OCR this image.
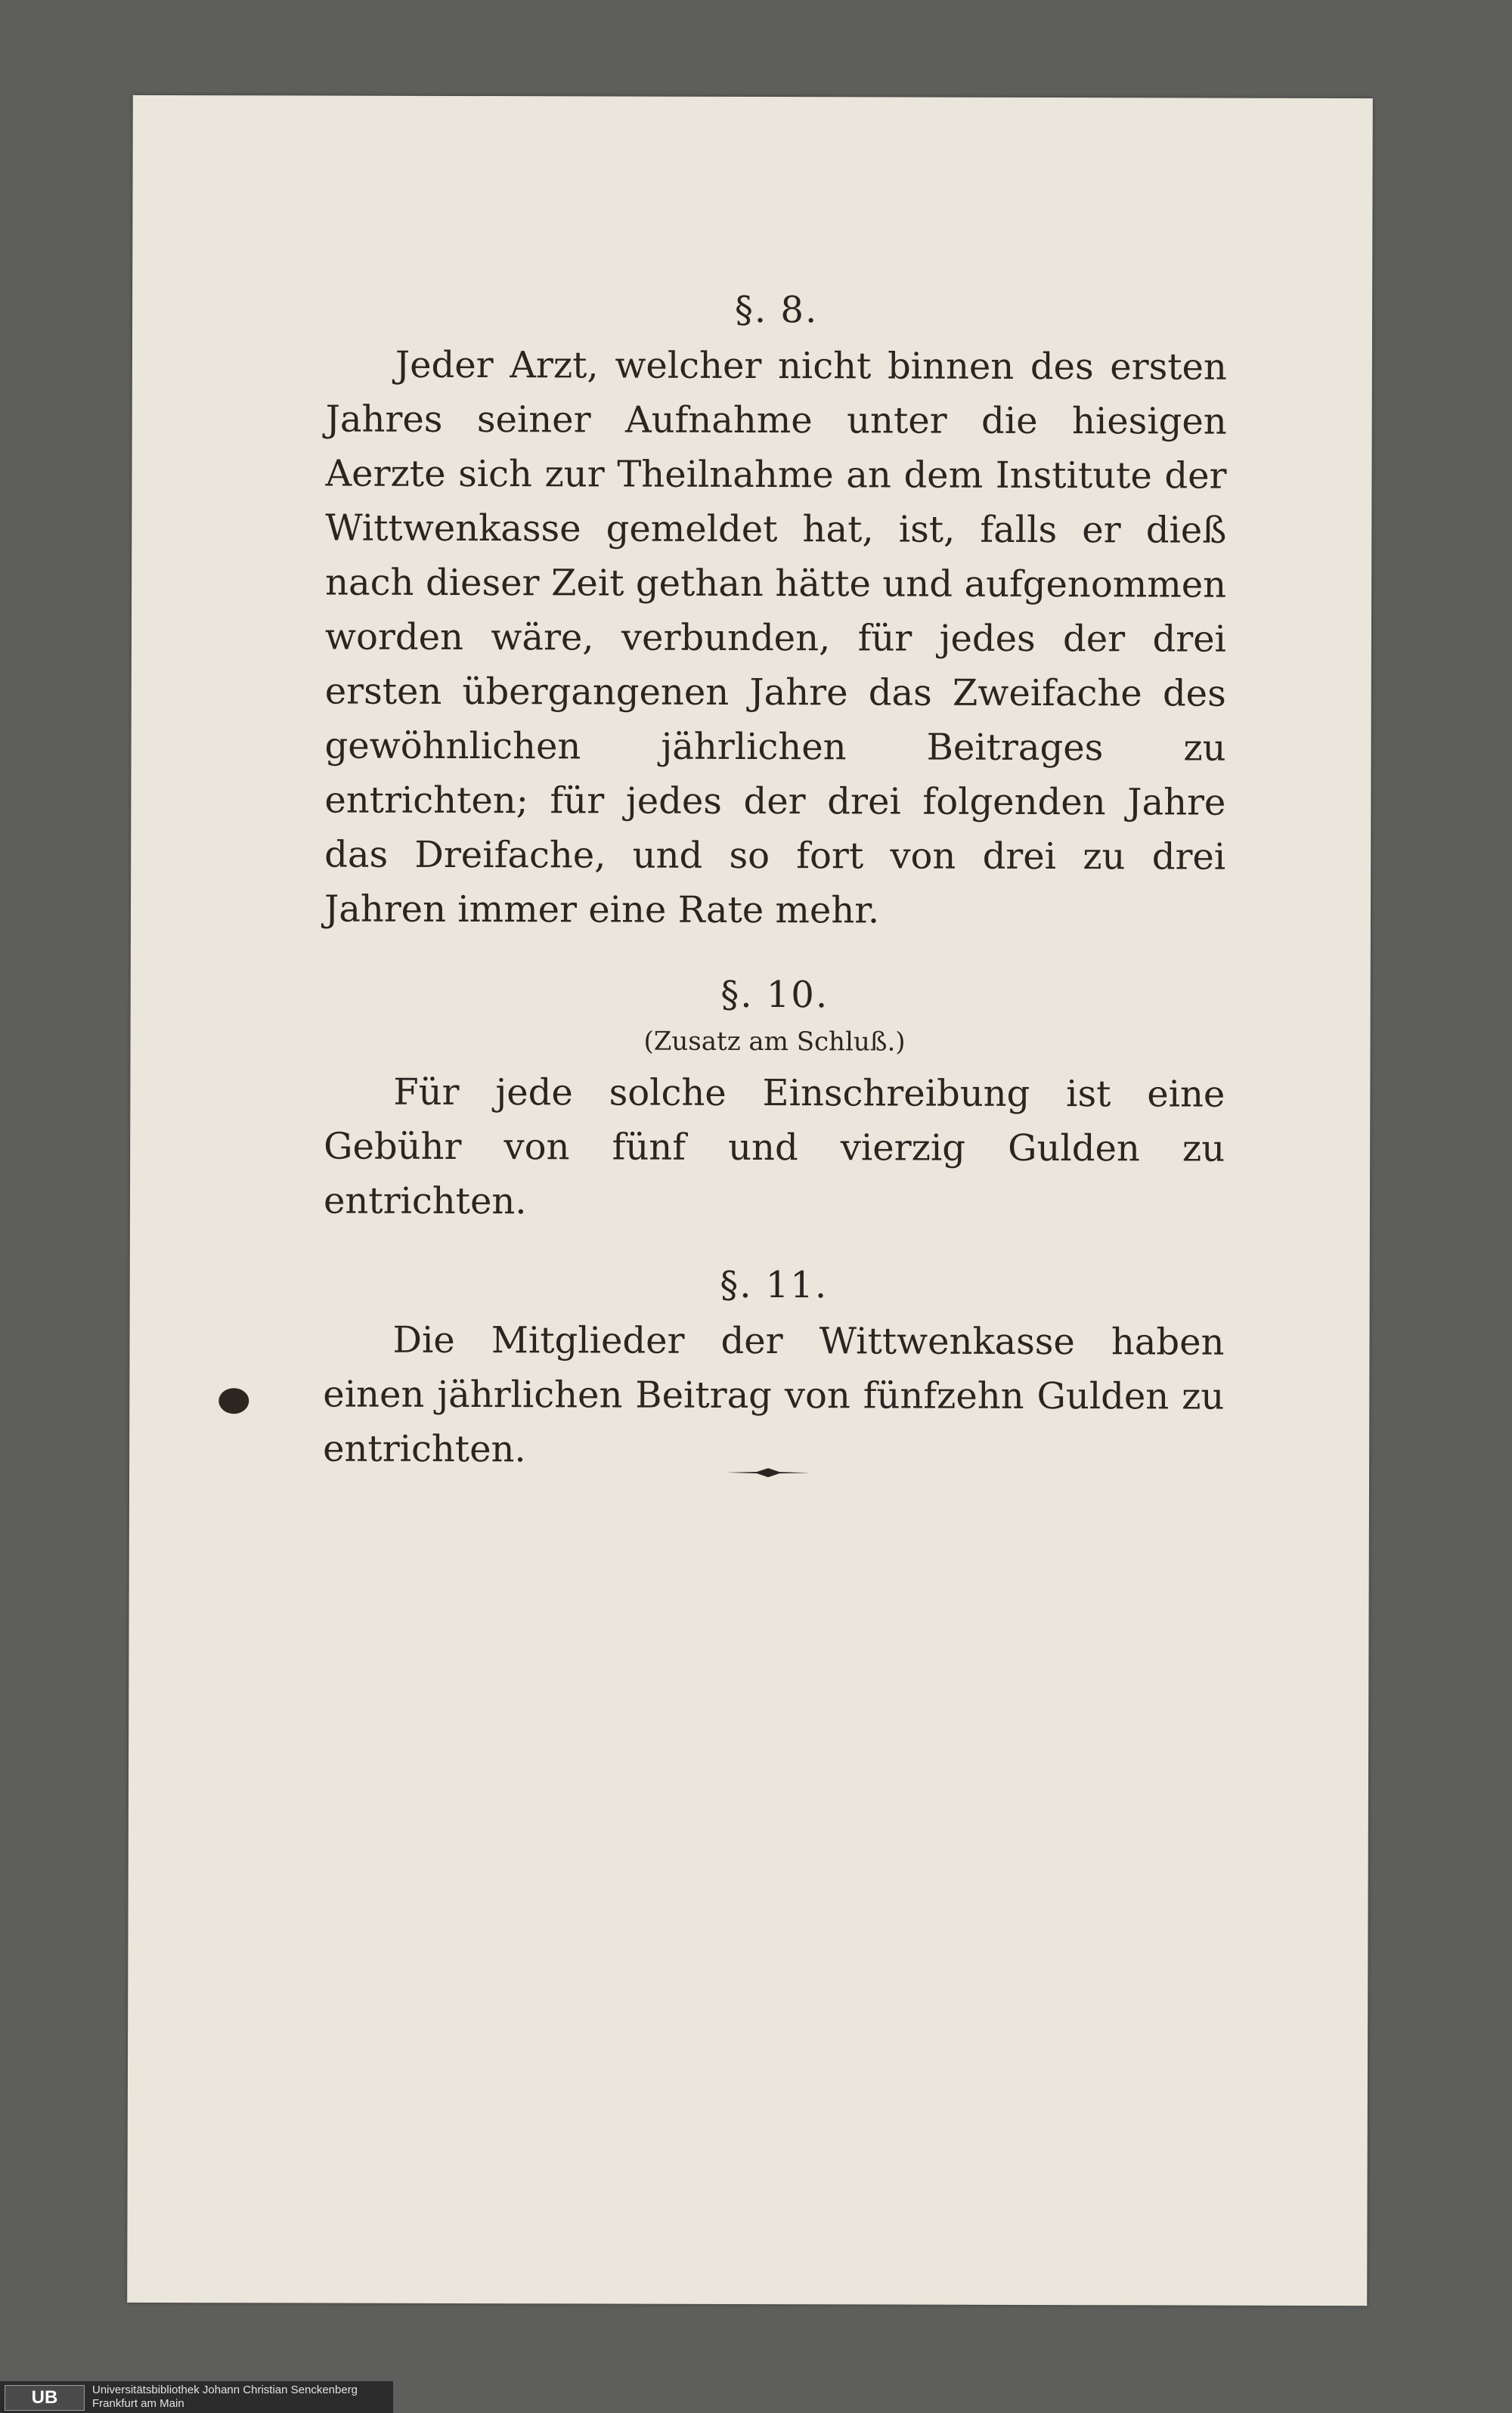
§. 8.

Jeder Arzt, welcher nicht binnen des ersten Jahres seiner Aufnahme unter die hiesigen Aerzte sich zur Theilnahme an dem Institute der Wittwenkasse gemeldet hat, ist, falls er dieß nach dieser Zeit gethan hätte und aufgenommen worden wäre, verbunden, für jedes der drei ersten übergangenen Jahre das Zweifache des gewöhnlichen jährlichen Beitrages zu entrichten; für jedes der drei folgenden Jahre das Dreifache, und so fort von drei zu drei Jahren immer eine Rate mehr.

§. 10.

(Zusatz am Schluß.)

Für jede solche Einschreibung ist eine Gebühr von fünf und vierzig Gulden zu entrichten.

§. 11.

Die Mitglieder der Wittwenkasse haben einen jährlichen Beitrag von fünfzehn Gulden zu entrichten.

UB	Universitätsbibliothek Johann Christian Senckenberg
Frankfurt am Main
